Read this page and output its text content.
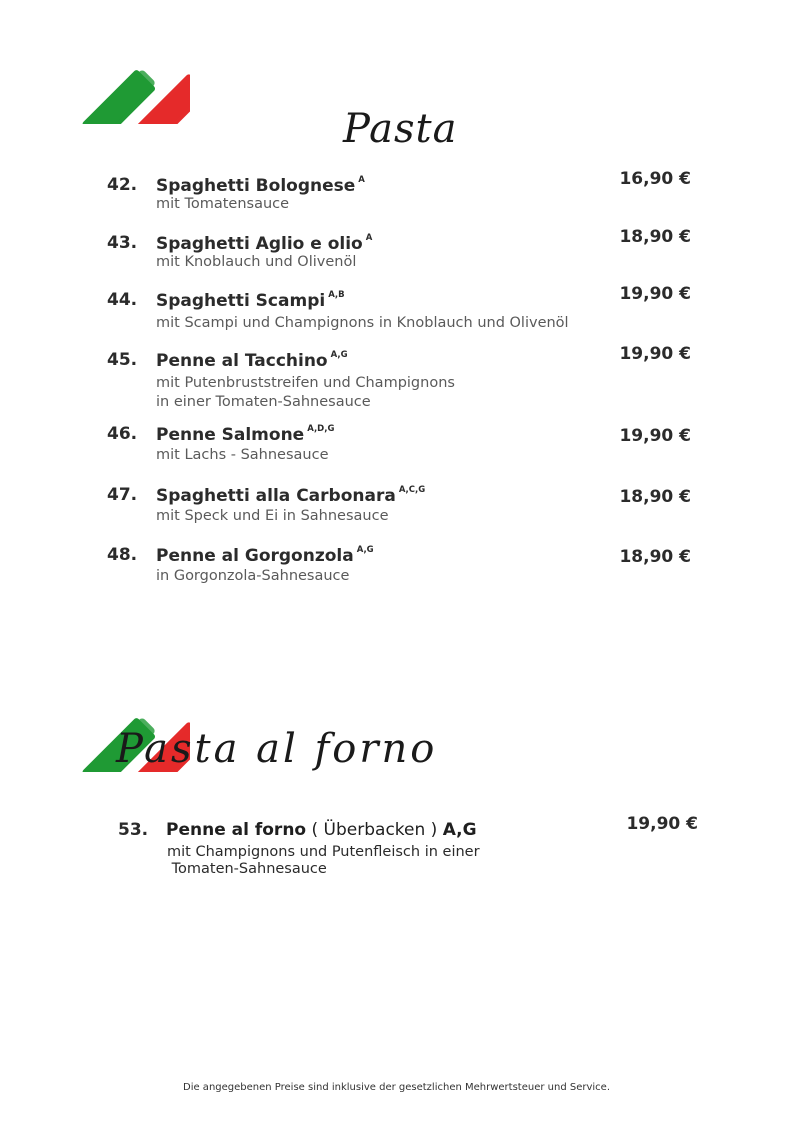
Pasta
42. Spaghetti Bolognese $^A$
mit Tomatensauce
16,90 €
43. Spaghetti Aglio e olio $^A$
mit Knoblauch und Olivenöl
18,90 €
44. Spaghetti Scampi $^{A,B}$
mit Scampi und Champignons in Knoblauch und Olivenöl
19,90 €
45. Penne al Tacchino $^{A,G}$
mit Putenbruststreifen und Champignons
in einer Tomaten-Sahnesauce
19,90 €
46. Penne Salmone $^{A,D,G}$
mit Lachs - Sahnesauce
19,90 €
47. Spaghetti alla Carbonara $^{A,C,G}$
mit Speck und Ei in Sahnesauce
18,90 €
48. Penne al Gorgonzola $^{A,G}$
in Gorgonzola-Sahnesauce
18,90 €
Pasta al forno
53. Penne al forno ( Überbacken ) A,G
mit Champignons und Putenfleisch in einer
Tomaten-Sahnesauce
19,90 €
Die angegebenen Preise sind inklusive der gesetzlichen Mehrwertsteuer und Service.
